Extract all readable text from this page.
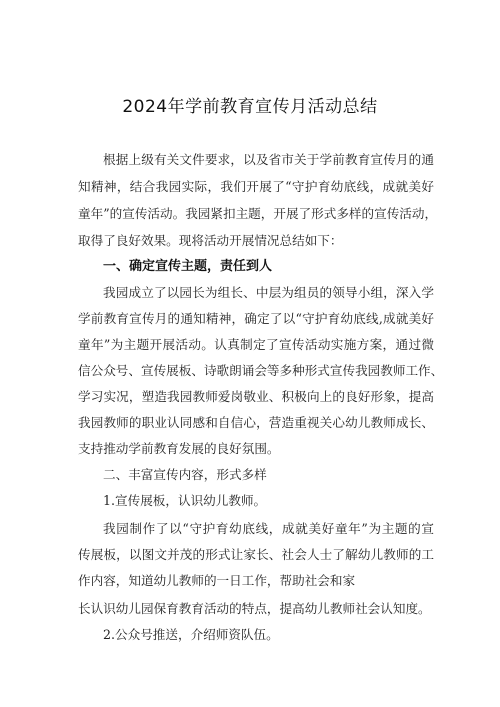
2024年学前教育宣传月活动总结
根据上级有关文件要求，以及省市关于学前教育宣传月的通
知精神，结合我园实际，我们开展了“守护育幼底线，成就美好
童年”的宣传活动。我园紧扣主题，开展了形式多样的宣传活动，
取得了良好效果。现将活动开展情况总结如下：
一、确定宣传主题，责任到人
我园成立了以园长为组长、中层为组员的领导小组，深入学
学前教育宣传月的通知精神，确定了以“守护育幼底线,成就美好
童年”为主题开展活动。认真制定了宣传活动实施方案，通过微
信公众号、宣传展板、诗歌朗诵会等多种形式宣传我园教师工作、
学习实况，塑造我园教师爱岗敬业、积极向上的良好形象，提高
我园教师的职业认同感和自信心，营造重视关心幼儿教师成长、
支持推动学前教育发展的良好氛围。
二、丰富宣传内容，形式多样
1.宣传展板，认识幼儿教师。
我园制作了以“守护育幼底线，成就美好童年”为主题的宣
传展板，以图文并茂的形式让家长、社会人士了解幼儿教师的工
作内容，知道幼儿教师的一日工作，帮助社会和家
长认识幼儿园保育教育活动的特点，提高幼儿教师社会认知度。
2.公众号推送，介绍师资队伍。
